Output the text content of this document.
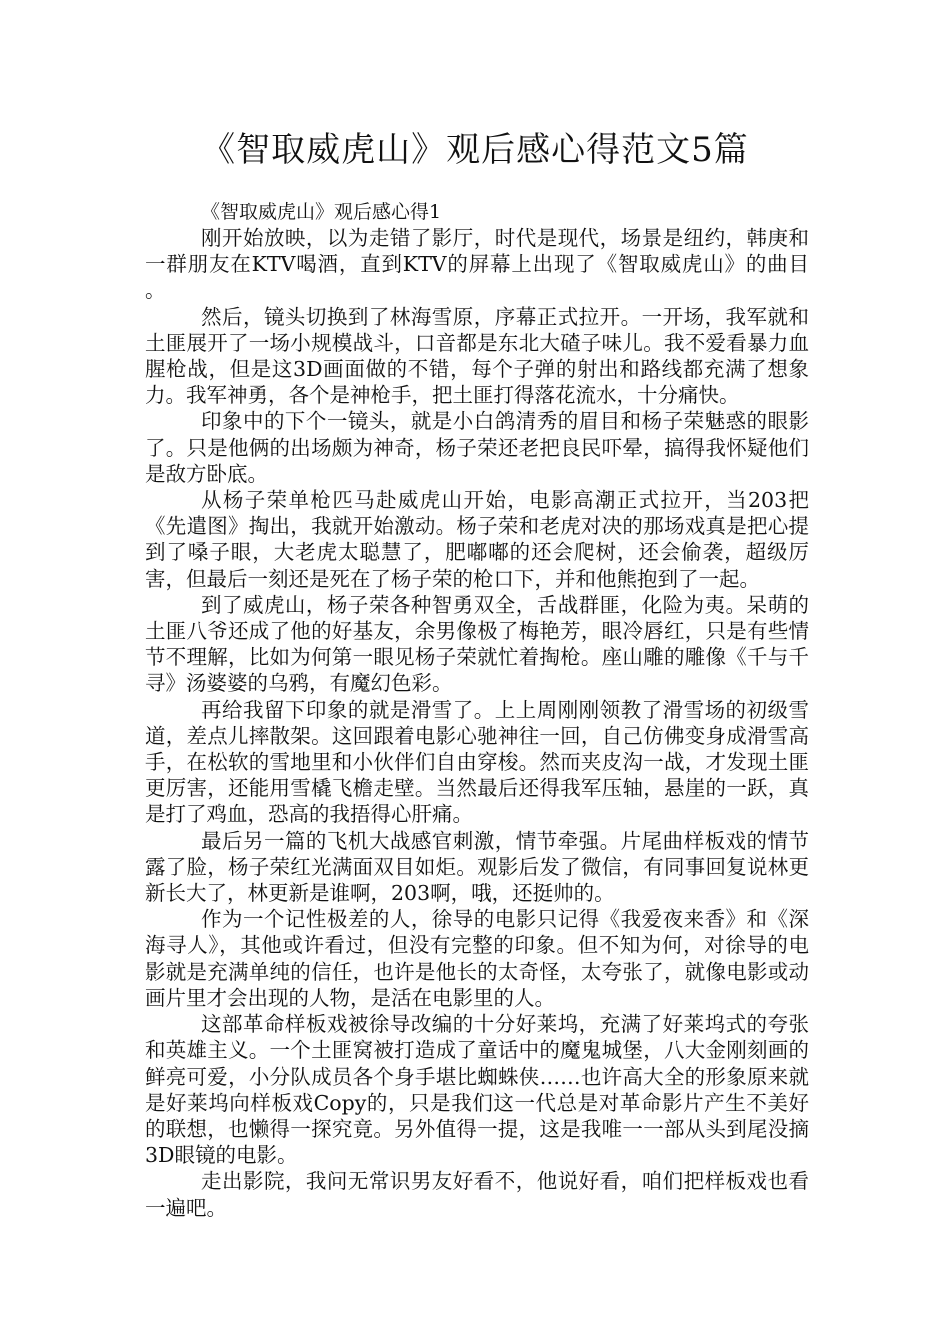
《智取威虎山》观后感心得范文5篇

《智取威虎山》观后感心得1

刚开始放映，以为走错了影厅，时代是现代，场景是纽约，韩庚和一群朋友在KTV喝酒，直到KTV的屏幕上出现了《智取威虎山》的曲目 。

然后，镜头切换到了林海雪原，序幕正式拉开。一开场，我军就和土匪展开了一场小规模战斗，口音都是东北大碴子味儿。我不爱看暴力血腥枪战，但是这3D画面做的不错，每个子弹的射出和路线都充满了想象力。我军神勇，各个是神枪手，把土匪打得落花流水，十分痛快。

印象中的下个一镜头，就是小白鸽清秀的眉目和杨子荣魅惑的眼影了。只是他俩的出场颇为神奇，杨子荣还老把良民吓晕，搞得我怀疑他们是敌方卧底。

从杨子荣单枪匹马赴威虎山开始，电影高潮正式拉开，当203把《先遣图》掏出，我就开始激动。杨子荣和老虎对决的那场戏真是把心提到了嗓子眼，大老虎太聪慧了，肥嘟嘟的还会爬树，还会偷袭，超级厉害，但最后一刻还是死在了杨子荣的枪口下，并和他熊抱到了一起。

到了威虎山，杨子荣各种智勇双全，舌战群匪，化险为夷。呆萌的土匪八爷还成了他的好基友，余男像极了梅艳芳，眼冷唇红，只是有些情节不理解，比如为何第一眼见杨子荣就忙着掏枪。座山雕的雕像《千与千寻》汤婆婆的乌鸦，有魔幻色彩。

再给我留下印象的就是滑雪了。上上周刚刚领教了滑雪场的初级雪道，差点儿摔散架。这回跟着电影心驰神往一回，自己仿佛变身成滑雪高手，在松软的雪地里和小伙伴们自由穿梭。然而夹皮沟一战，才发现土匪更厉害，还能用雪橇飞檐走壁。当然最后还得我军压轴，悬崖的一跃，真是打了鸡血，恐高的我捂得心肝痛。

最后另一篇的飞机大战感官刺激，情节牵强。片尾曲样板戏的情节露了脸，杨子荣红光满面双目如炬。观影后发了微信，有同事回复说林更新长大了，林更新是谁啊，203啊，哦，还挺帅的。

作为一个记性极差的人，徐导的电影只记得《我爱夜来香》和《深海寻人》，其他或许看过，但没有完整的印象。但不知为何，对徐导的电影就是充满单纯的信任，也许是他长的太奇怪，太夸张了，就像电影或动画片里才会出现的人物，是活在电影里的人。

这部革命样板戏被徐导改编的十分好莱坞，充满了好莱坞式的夸张和英雄主义。一个土匪窝被打造成了童话中的魔鬼城堡，八大金刚刻画的鲜亮可爱，小分队成员各个身手堪比蜘蛛侠……也许高大全的形象原来就是好莱坞向样板戏Copy的，只是我们这一代总是对革命影片产生不美好的联想，也懒得一探究竟。另外值得一提，这是我唯一一部从头到尾没摘3D眼镜的电影。

走出影院，我问无常识男友好看不，他说好看，咱们把样板戏也看一遍吧。
